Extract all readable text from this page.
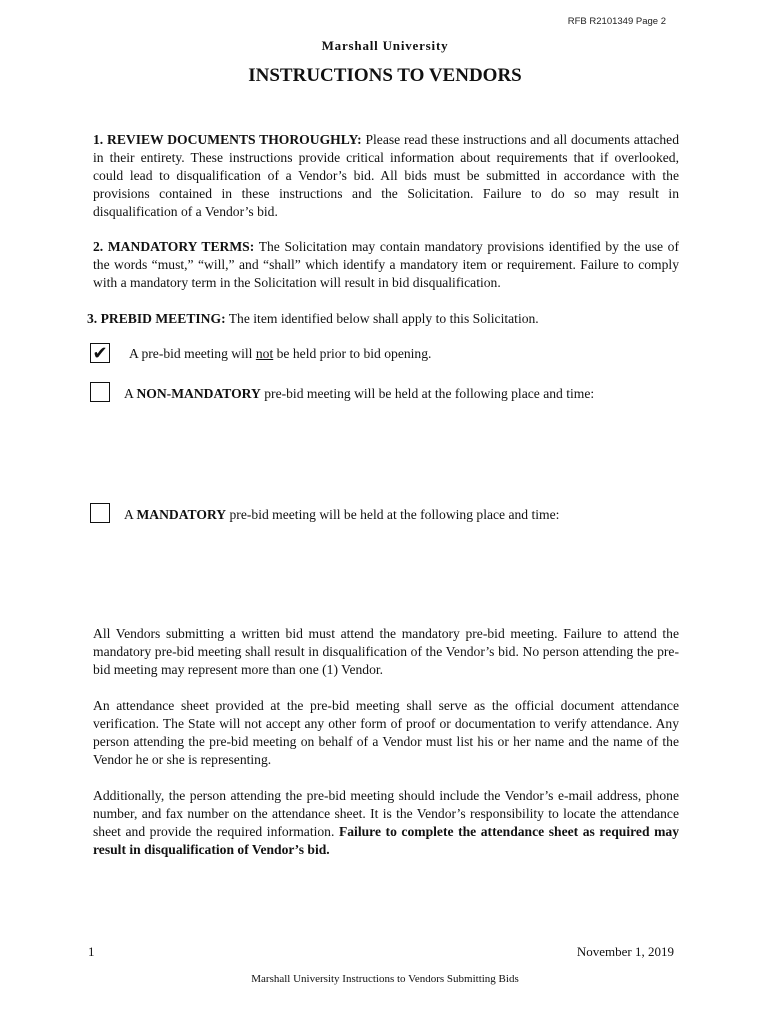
RFB R2101349 Page 2
Marshall University
INSTRUCTIONS TO VENDORS
1. REVIEW DOCUMENTS THOROUGHLY: Please read these instructions and all documents attached in their entirety. These instructions provide critical information about requirements that if overlooked, could lead to disqualification of a Vendor’s bid. All bids must be submitted in accordance with the provisions contained in these instructions and the Solicitation. Failure to do so may result in disqualification of a Vendor’s bid.
2. MANDATORY TERMS: The Solicitation may contain mandatory provisions identified by the use of the words “must,” “will,” and “shall” which identify a mandatory item or requirement. Failure to comply with a mandatory term in the Solicitation will result in bid disqualification.
3. PREBID MEETING: The item identified below shall apply to this Solicitation.
✔ A pre-bid meeting will not be held prior to bid opening.
A NON-MANDATORY pre-bid meeting will be held at the following place and time:
A MANDATORY pre-bid meeting will be held at the following place and time:
All Vendors submitting a written bid must attend the mandatory pre-bid meeting. Failure to attend the mandatory pre-bid meeting shall result in disqualification of the Vendor’s bid. No person attending the pre-bid meeting may represent more than one (1) Vendor.
An attendance sheet provided at the pre-bid meeting shall serve as the official document attendance verification. The State will not accept any other form of proof or documentation to verify attendance. Any person attending the pre-bid meeting on behalf of a Vendor must list his or her name and the name of the Vendor he or she is representing.
Additionally, the person attending the pre-bid meeting should include the Vendor’s e-mail address, phone number, and fax number on the attendance sheet. It is the Vendor’s responsibility to locate the attendance sheet and provide the required information. Failure to complete the attendance sheet as required may result in disqualification of Vendor’s bid.
1	November 1, 2019
Marshall University Instructions to Vendors Submitting Bids
